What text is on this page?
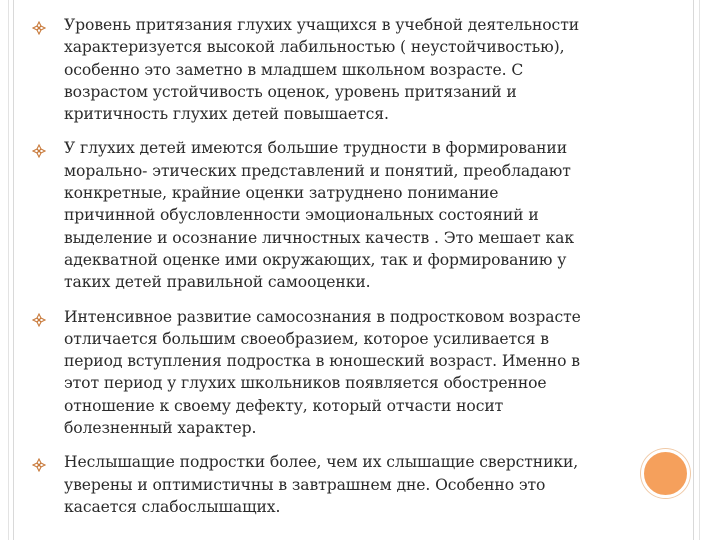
Уровень притязания глухих учащихся в учебной деятельности
характеризуется высокой лабильностью ( неустойчивостью),
особенно это заметно в младшем школьном возрасте. С
возрастом устойчивость оценок, уровень притязаний и
критичность глухих детей повышается.
У глухих детей имеются большие трудности в формировании
морально- этических представлений и понятий, преобладают
конкретные, крайние оценки затруднено понимание
причинной обусловленности эмоциональных состояний и
выделение и осознание личностных качеств . Это мешает как
адекватной оценке ими окружающих, так и формированию у
таких детей правильной самооценки.
Интенсивное развитие самосознания в подростковом возрасте
отличается большим своеобразием, которое усиливается в
период вступления подростка в юношеский возраст. Именно в
этот период у глухих школьников появляется обостренное
отношение к своему дефекту, который отчасти носит
болезненный характер.
Неслышащие подростки более, чем их слышащие сверстники,
уверены и оптимистичны в завтрашнем дне. Особенно это
касается слабослышащих.
